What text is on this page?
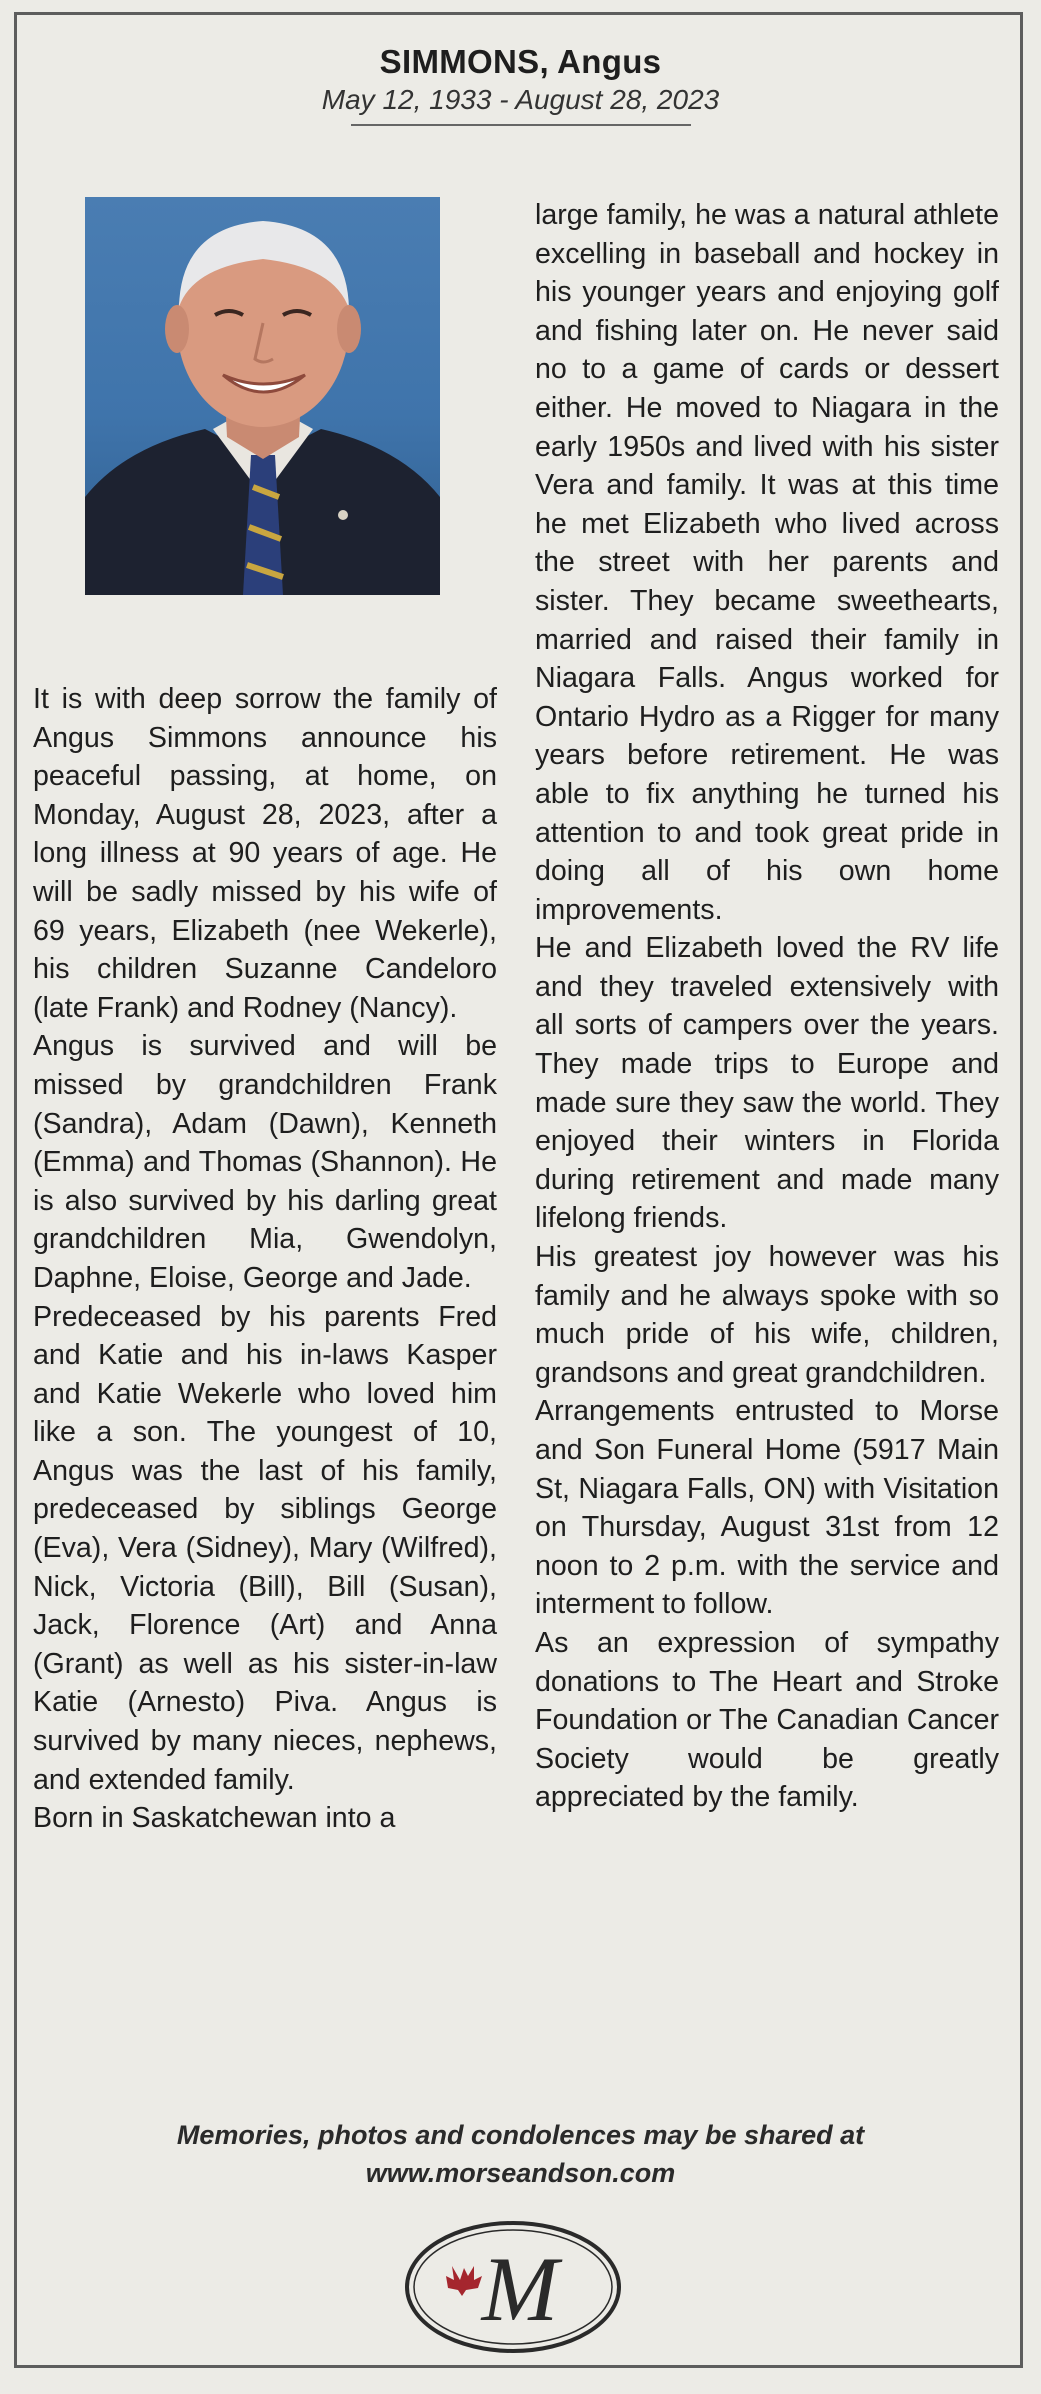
SIMMONS, Angus
May 12, 1933 - August 28, 2023

It is with deep sorrow the family of Angus Simmons announce his peaceful passing, at home, on Monday, August 28, 2023, after a long illness at 90 years of age. He will be sadly missed by his wife of 69 years, Elizabeth (nee Wekerle), his children Suzanne Candeloro (late Frank) and Rodney (Nancy).

Angus is survived and will be missed by grandchildren Frank (Sandra), Adam (Dawn), Kenneth (Emma) and Thomas (Shannon). He is also survived by his darling great grandchildren Mia, Gwendolyn, Daphne, Eloise, George and Jade.

Predeceased by his parents Fred and Katie and his in-laws Kasper and Katie Wekerle who loved him like a son. The youngest of 10, Angus was the last of his family, predeceased by siblings George (Eva), Vera (Sidney), Mary (Wilfred), Nick, Victoria (Bill), Bill (Susan), Jack, Florence (Art) and Anna (Grant) as well as his sister-in-law Katie (Arnesto) Piva. Angus is survived by many nieces, nephews, and extended family.

Born in Saskatchewan into a

large family, he was a natural athlete excelling in baseball and hockey in his younger years and enjoying golf and fishing later on. He never said no to a game of cards or dessert either. He moved to Niagara in the early 1950s and lived with his sister Vera and family. It was at this time he met Elizabeth who lived across the street with her parents and sister. They became sweethearts, married and raised their family in Niagara Falls. Angus worked for Ontario Hydro as a Rigger for many years before retirement. He was able to fix anything he turned his attention to and took great pride in doing all of his own home improvements.

He and Elizabeth loved the RV life and they traveled extensively with all sorts of campers over the years. They made trips to Europe and made sure they saw the world. They enjoyed their winters in Florida during retirement and made many lifelong friends.

His greatest joy however was his family and he always spoke with so much pride of his wife, children, grandsons and great grandchildren.

Arrangements entrusted to Morse and Son Funeral Home (5917 Main St, Niagara Falls, ON) with Visitation on Thursday, August 31st from 12 noon to 2 p.m. with the service and interment to follow.

As an expression of sympathy donations to The Heart and Stroke Foundation or The Canadian Cancer Society would be greatly appreciated by the family.

Memories, photos and condolences may be shared at
www.morseandson.com
M
